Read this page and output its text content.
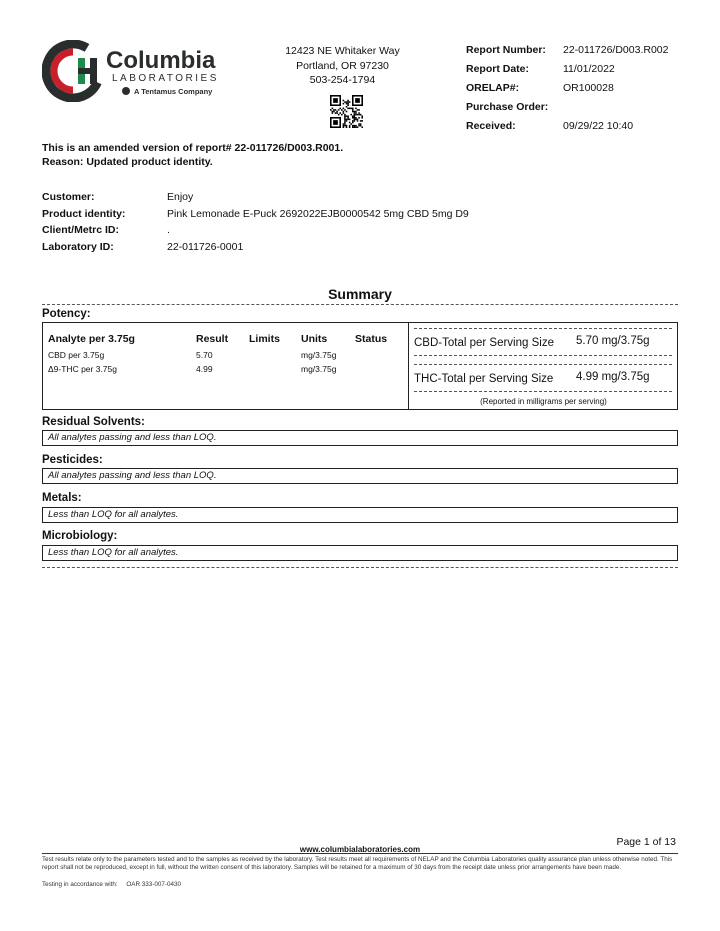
Columbia
LABORATORIES
A Tentamus Company
12423 NE Whitaker Way
Portland, OR 97230
503-254-1794
Report Number: 22-011726/D003.R002
Report Date:	11/01/2022
ORELAP#:	OR100028
Purchase Order:
Received:	09/29/22 10:40
This is an amended version of report# 22-011726/D003.R001.
Reason: Updated product identity.
Customer:	Enjoy
Product identity:	Pink Lemonade E-Puck 2692022EJB0000542 5mg CBD 5mg D9
Client/Metrc ID:	.
Laboratory ID:	22-011726-0001
Summary
Potency:
Analyte per 3.75g	Result Limits Units	Status
CBD per 3.75g	5.70	mg/3.75g
Δ9-THC per 3.75g	4.99	mg/3.75g
CBD-Total per Serving Size 5.70 mg/3.75g
THC-Total per Serving Size 4.99 mg/3.75g
(Reported in milligrams per serving)
Residual Solvents:
All analytes passing and less than LOQ.
Pesticides:
All analytes passing and less than LOQ.
Metals:
Less than LOQ for all analytes.
Microbiology:
Less than LOQ for all analytes.
Page 1 of 13
www.columbialaboratories.com
Test results relate only to the parameters tested and to the samples as received by the laboratory. Test results meet all requirements of NELAP and the Columbia Laboratories quality assurance plan unless otherwise noted. This report shall not be reproduced, except in full, without the written consent of this laboratory. Samples will be retained for a maximum of 30 days from the receipt date unless prior arrangements have been made.
Testing in accordance with:     OAR 333-007-0430
